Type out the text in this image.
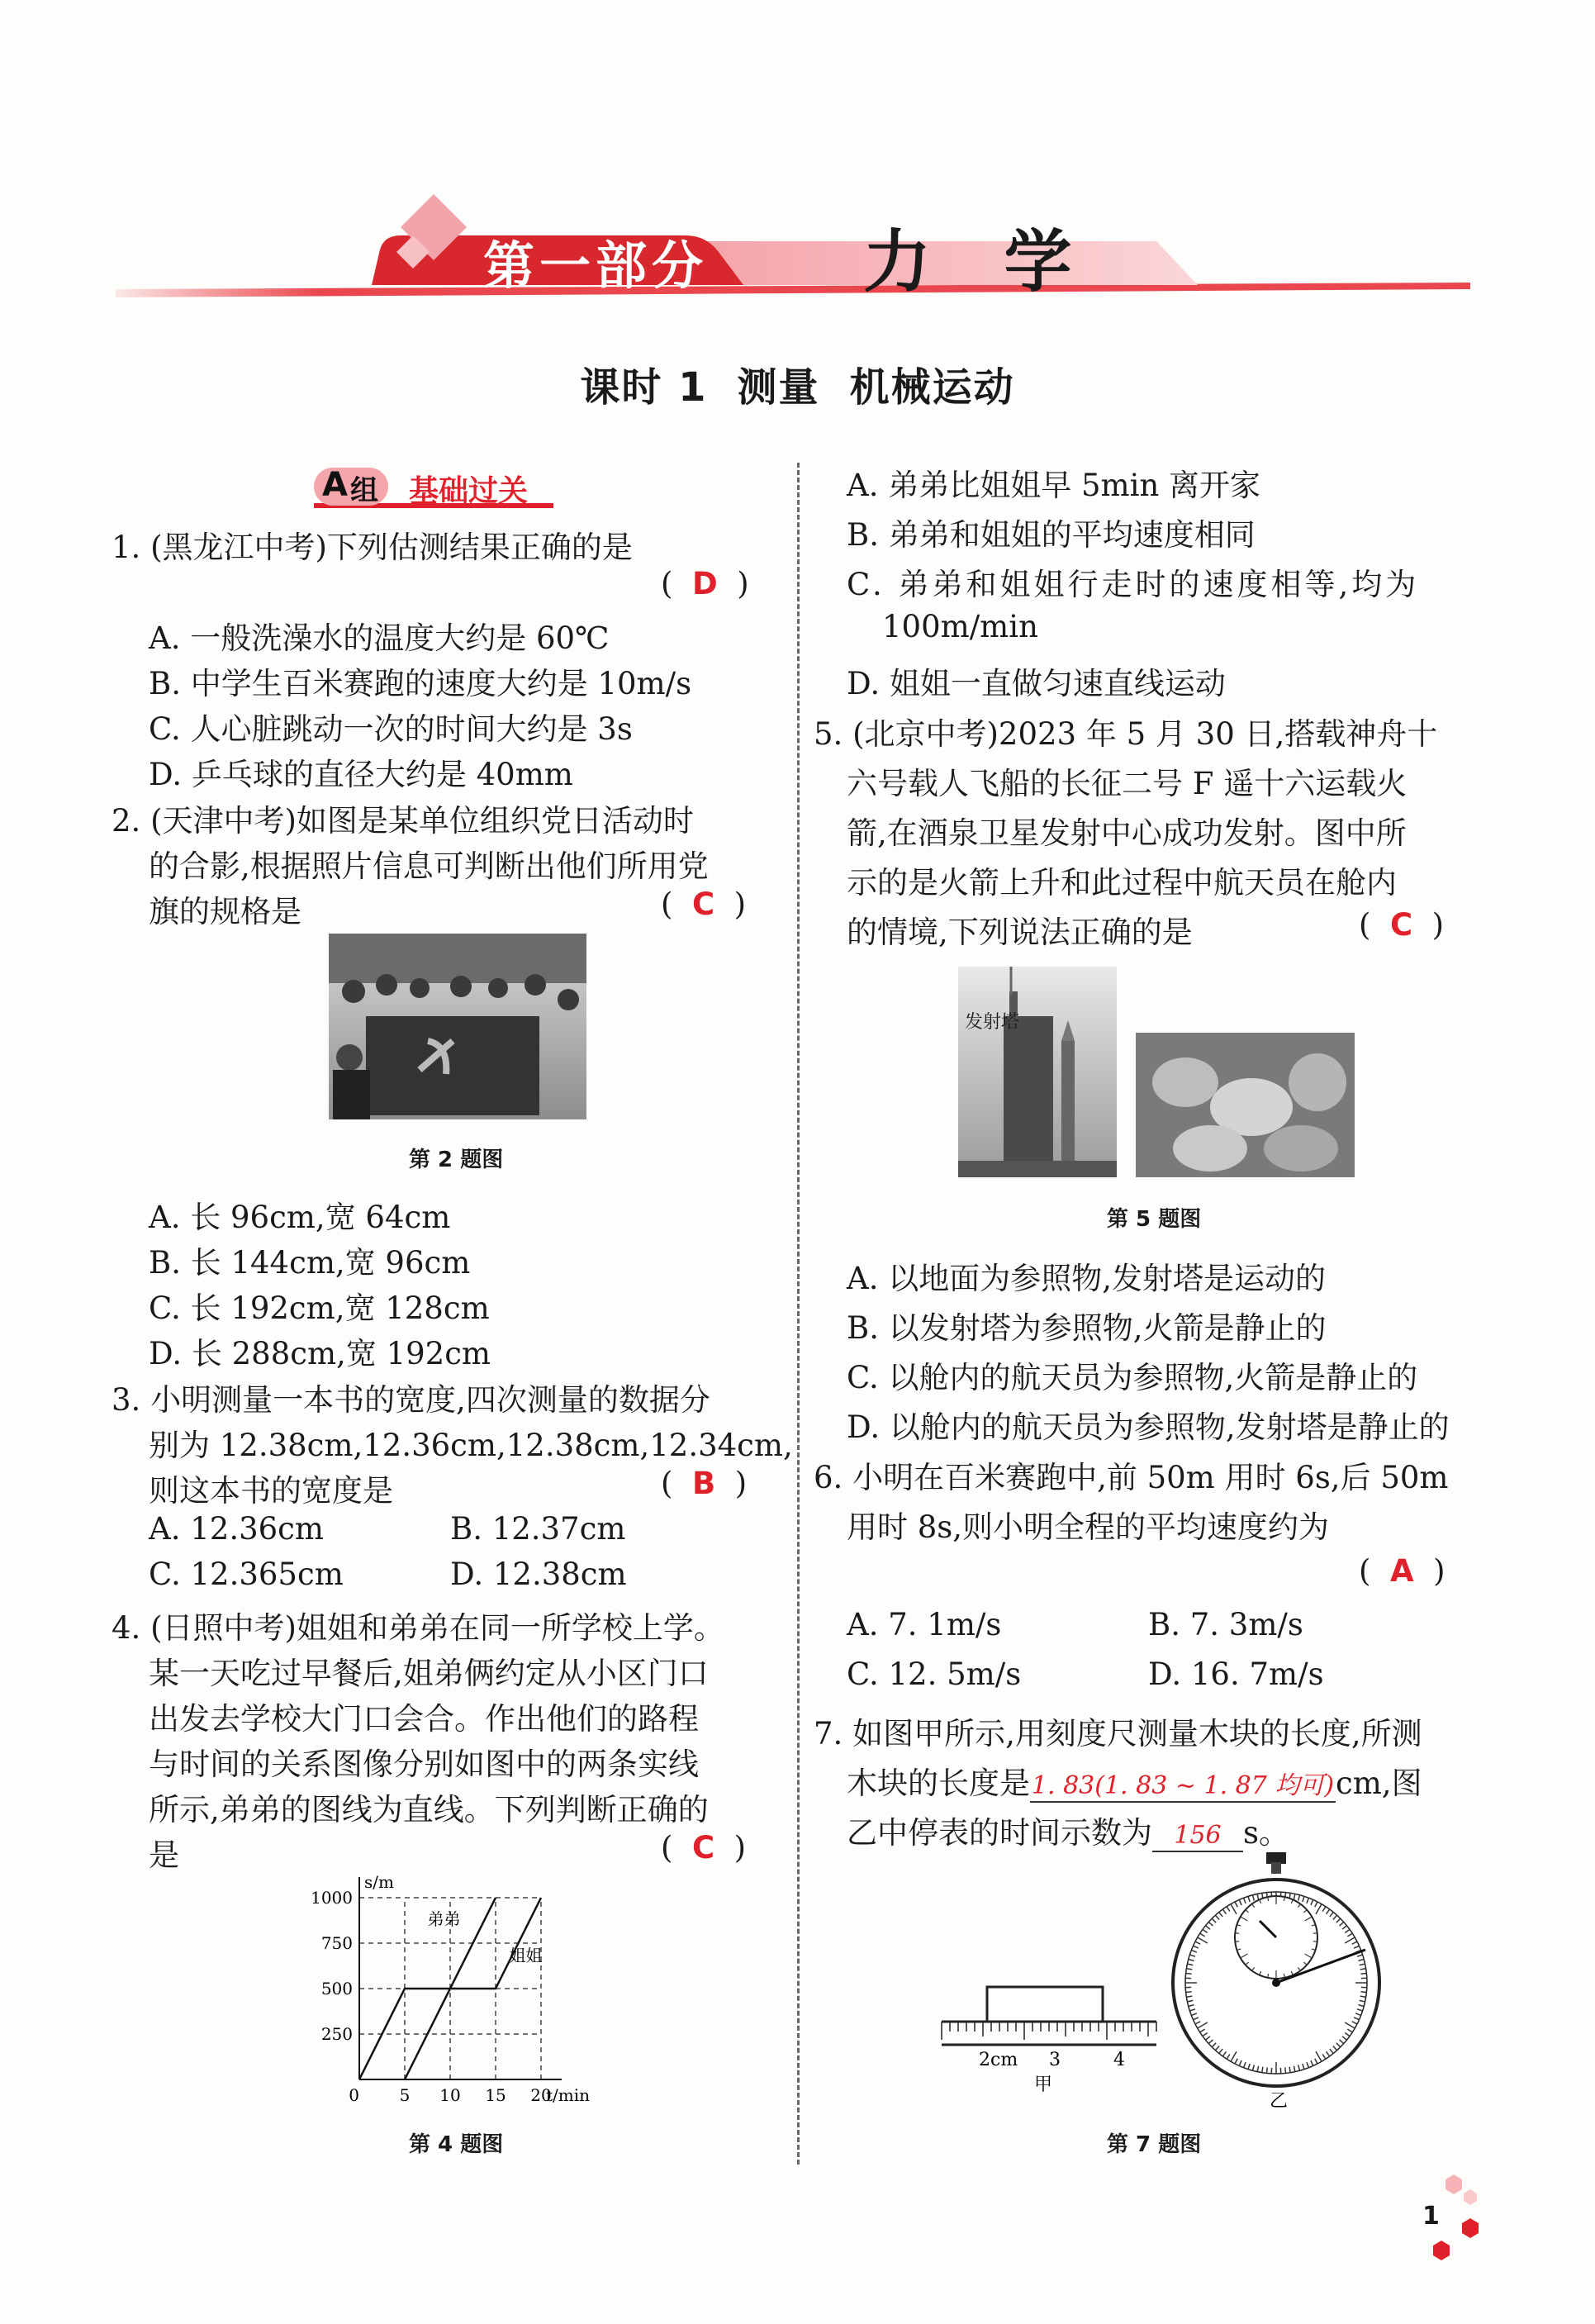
第一部分 力 学
课时 1 测量 机械运动
A 组 基础过关
1. (黑龙江中考)下列估测结果正确的是
(  D  )
A. 一般洗澡水的温度大约是 60℃
B. 中学生百米赛跑的速度大约是 10m/s
C. 人心脏跳动一次的时间大约是 3s
D. 乒乓球的直径大约是 40mm
2. (天津中考)如图是某单位组织党日活动时
的合影,根据照片信息可判断出他们所用党
旗的规格是	(  C  )
第 2 题图
A. 长 96cm,宽 64cm
B. 长 144cm,宽 96cm
C. 长 192cm,宽 128cm
D. 长 288cm,宽 192cm
3. 小明测量一本书的宽度,四次测量的数据分
别为 12.38cm,12.36cm,12.38cm,12.34cm,
则这本书的宽度是	(  B  )
A. 12.36cm	B. 12.37cm
C. 12.365cm	D. 12.38cm
4. (日照中考)姐姐和弟弟在同一所学校上学。
某一天吃过早餐后,姐弟俩约定从小区门口
出发去学校大门口会合。作出他们的路程
与时间的关系图像分别如图中的两条实线
所示,弟弟的图线为直线。下列判断正确的
是	(  C  )
250
500
750
1000
0 5 10 15 20
s/m
t/min
弟弟
姐姐
第 4 题图
A. 弟弟比姐姐早 5min 离开家
B. 弟弟和姐姐的平均速度相同
C. 弟弟和姐姐行走时的速度相等,均为
100m/min
D. 姐姐一直做匀速直线运动
5. (北京中考)2023 年 5 月 30 日,搭载神舟十
六号载人飞船的长征二号 F 遥十六运载火
箭,在酒泉卫星发射中心成功发射。图中所
示的是火箭上升和此过程中航天员在舱内
的情境,下列说法正确的是	(  C  )
发射塔
第 5 题图
A. 以地面为参照物,发射塔是运动的
B. 以发射塔为参照物,火箭是静止的
C. 以舱内的航天员为参照物,火箭是静止的
D. 以舱内的航天员为参照物,发射塔是静止的
6. 小明在百米赛跑中,前 50m 用时 6s,后 50m
用时 8s,则小明全程的平均速度约为
(  A  )
A. 7. 1m/s	B. 7. 3m/s
C. 12. 5m/s	D. 16. 7m/s
7. 如图甲所示,用刻度尺测量木块的长度,所测
木块的长度是1. 83(1. 83 ~ 1. 87 均可)cm,图
乙中停表的时间示数为 156 s。
2cm 3	4
甲
乙
第 7 题图
1
